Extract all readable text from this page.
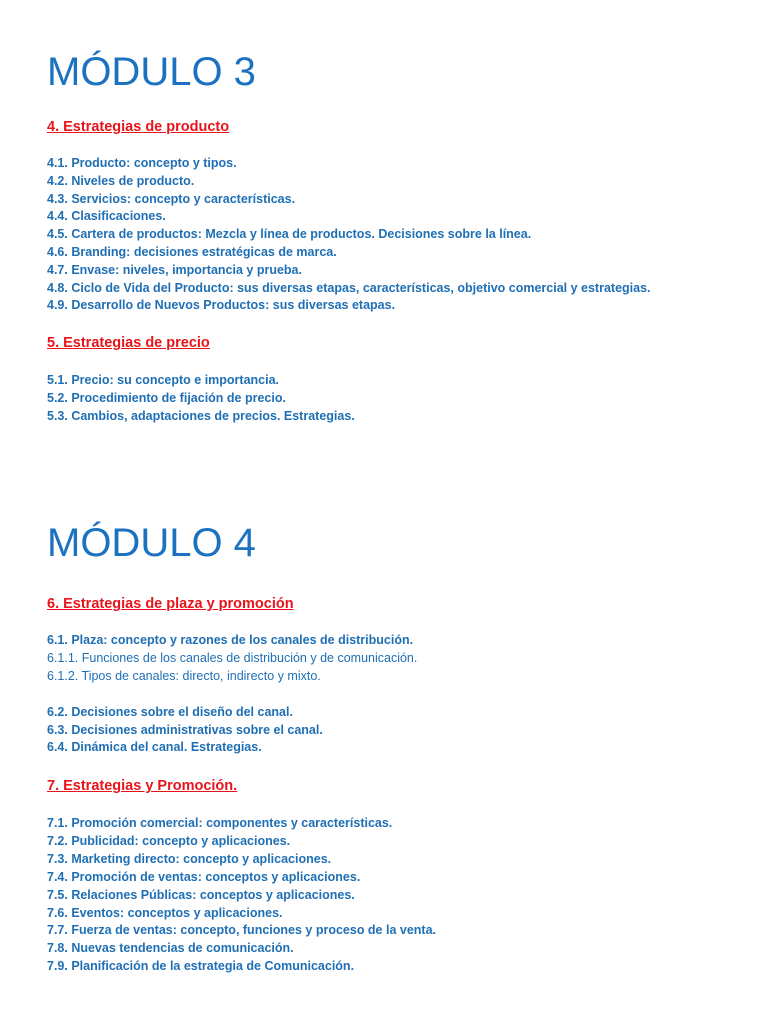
MÓDULO 3
4. Estrategias de producto
4.1. Producto: concepto y tipos.
4.2. Niveles de producto.
4.3. Servicios: concepto y características.
4.4. Clasificaciones.
4.5. Cartera de productos: Mezcla y línea de productos. Decisiones sobre la línea.
4.6. Branding: decisiones estratégicas de marca.
4.7. Envase: niveles, importancia y prueba.
4.8. Ciclo de Vida del Producto: sus diversas etapas, características, objetivo comercial y estrategias.
4.9. Desarrollo de Nuevos Productos: sus diversas etapas.
5. Estrategias de precio
5.1. Precio: su concepto e importancia.
5.2. Procedimiento de fijación de precio.
5.3. Cambios, adaptaciones de precios. Estrategias.
MÓDULO 4
6. Estrategias de plaza y promoción
6.1. Plaza: concepto y razones de los canales de distribución.
6.1.1. Funciones de los canales de distribución y de comunicación.
6.1.2. Tipos de canales: directo, indirecto y mixto.
6.2. Decisiones sobre el diseño del canal.
6.3. Decisiones administrativas sobre el canal.
6.4. Dinámica del canal. Estrategias.
7. Estrategias y Promoción.
7.1. Promoción comercial: componentes y características.
7.2. Publicidad: concepto y aplicaciones.
7.3. Marketing directo: concepto y aplicaciones.
7.4. Promoción de ventas: conceptos y aplicaciones.
7.5. Relaciones Públicas: conceptos y aplicaciones.
7.6. Eventos: conceptos y aplicaciones.
7.7. Fuerza de ventas: concepto, funciones y proceso de la venta.
7.8. Nuevas tendencias de comunicación.
7.9. Planificación de la estrategia de Comunicación.
